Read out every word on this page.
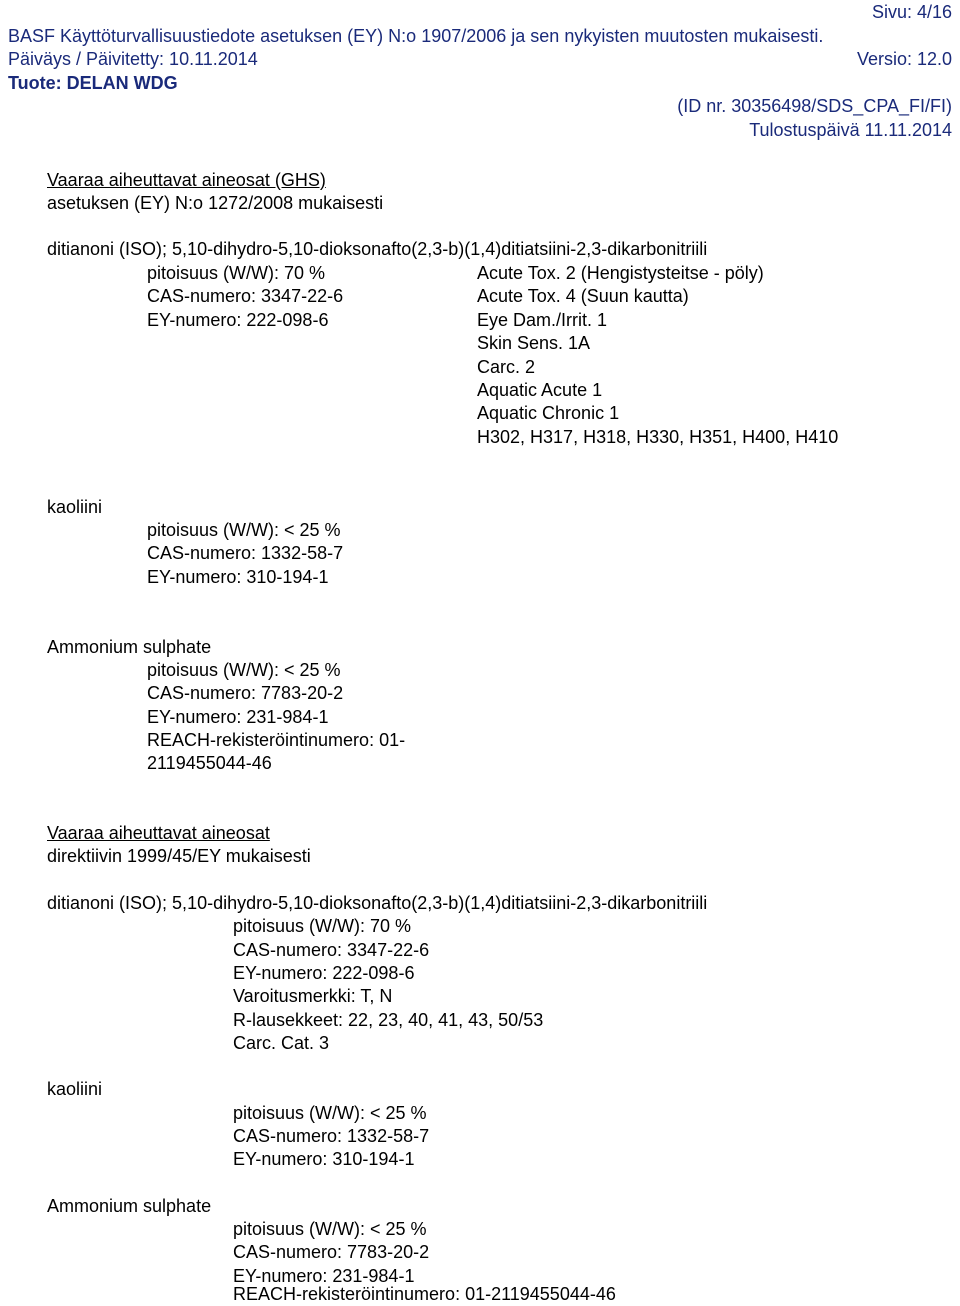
Sivu: 4/16
BASF Käyttöturvallisuustiedote asetuksen (EY) N:o 1907/2006 ja sen nykyisten muutosten mukaisesti.
Päiväys / Päivitetty: 10.11.2014	Versio: 12.0
Tuote: DELAN WDG
(ID nr. 30356498/SDS_CPA_FI/FI)
Tulostuspäivä 11.11.2014
Vaaraa aiheuttavat aineosat (GHS)
asetuksen (EY) N:o 1272/2008 mukaisesti
ditianoni (ISO); 5,10-dihydro-5,10-dioksonafto(2,3-b)(1,4)ditiatsiini-2,3-dikarbonitriili
pitoisuus (W/W): 70 %
CAS-numero: 3347-22-6
EY-numero: 222-098-6
Acute Tox. 2 (Hengistysteitse - pöly)
Acute Tox. 4 (Suun kautta)
Eye Dam./Irrit. 1
Skin Sens. 1A
Carc. 2
Aquatic Acute 1
Aquatic Chronic 1
H302, H317, H318, H330, H351, H400, H410
kaoliini
pitoisuus (W/W): < 25 %
CAS-numero: 1332-58-7
EY-numero: 310-194-1
Ammonium sulphate
pitoisuus (W/W): < 25 %
CAS-numero: 7783-20-2
EY-numero: 231-984-1
REACH-rekisteröintinumero: 01-
2119455044-46
Vaaraa aiheuttavat aineosat
direktiivin 1999/45/EY mukaisesti
ditianoni (ISO); 5,10-dihydro-5,10-dioksonafto(2,3-b)(1,4)ditiatsiini-2,3-dikarbonitriili
pitoisuus (W/W): 70 %
CAS-numero: 3347-22-6
EY-numero: 222-098-6
Varoitusmerkki: T, N
R-lausekkeet: 22, 23, 40, 41, 43, 50/53
Carc. Cat. 3
kaoliini
pitoisuus (W/W): < 25 %
CAS-numero: 1332-58-7
EY-numero: 310-194-1
Ammonium sulphate
pitoisuus (W/W): < 25 %
CAS-numero: 7783-20-2
EY-numero: 231-984-1
REACH-rekisteröintinumero: 01-2119455044-46
